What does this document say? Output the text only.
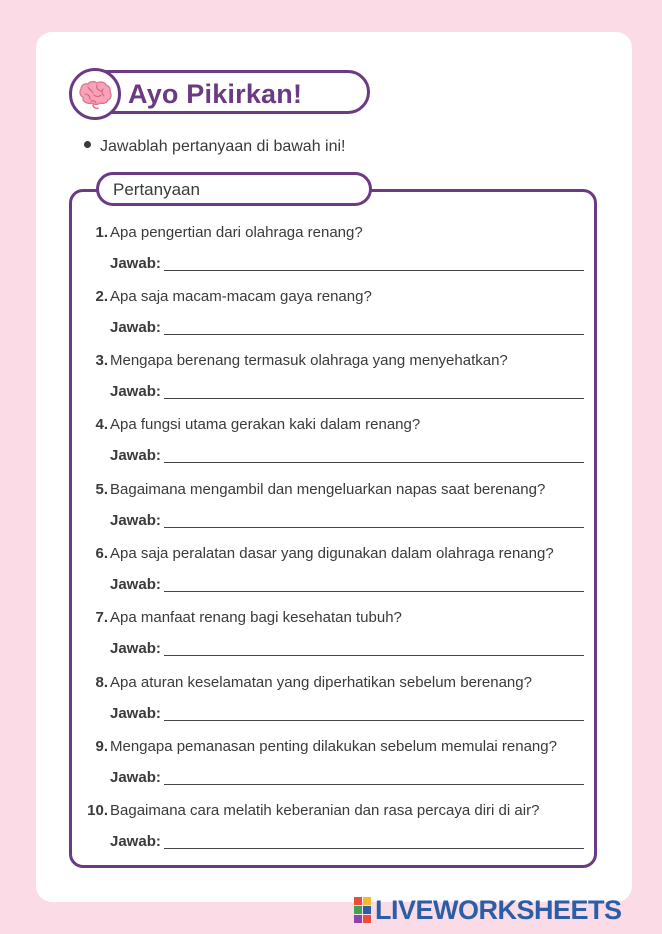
Ayo Pikirkan!
Jawablah pertanyaan di bawah ini!
Pertanyaan
1. Apa pengertian dari olahraga renang?
Jawab:
2. Apa saja macam-macam gaya renang?
Jawab:
3. Mengapa berenang termasuk olahraga yang menyehatkan?
Jawab:
4. Apa fungsi utama gerakan kaki dalam renang?
Jawab:
5. Bagaimana mengambil dan mengeluarkan napas saat berenang?
Jawab:
6. Apa saja peralatan dasar yang digunakan dalam olahraga renang?
Jawab:
7. Apa manfaat renang bagi kesehatan tubuh?
Jawab:
8. Apa aturan keselamatan yang diperhatikan sebelum berenang?
Jawab:
9. Mengapa pemanasan penting dilakukan sebelum memulai renang?
Jawab:
10. Bagaimana cara melatih keberanian dan rasa percaya diri di air?
Jawab:
LIVEWORKSHEETS
